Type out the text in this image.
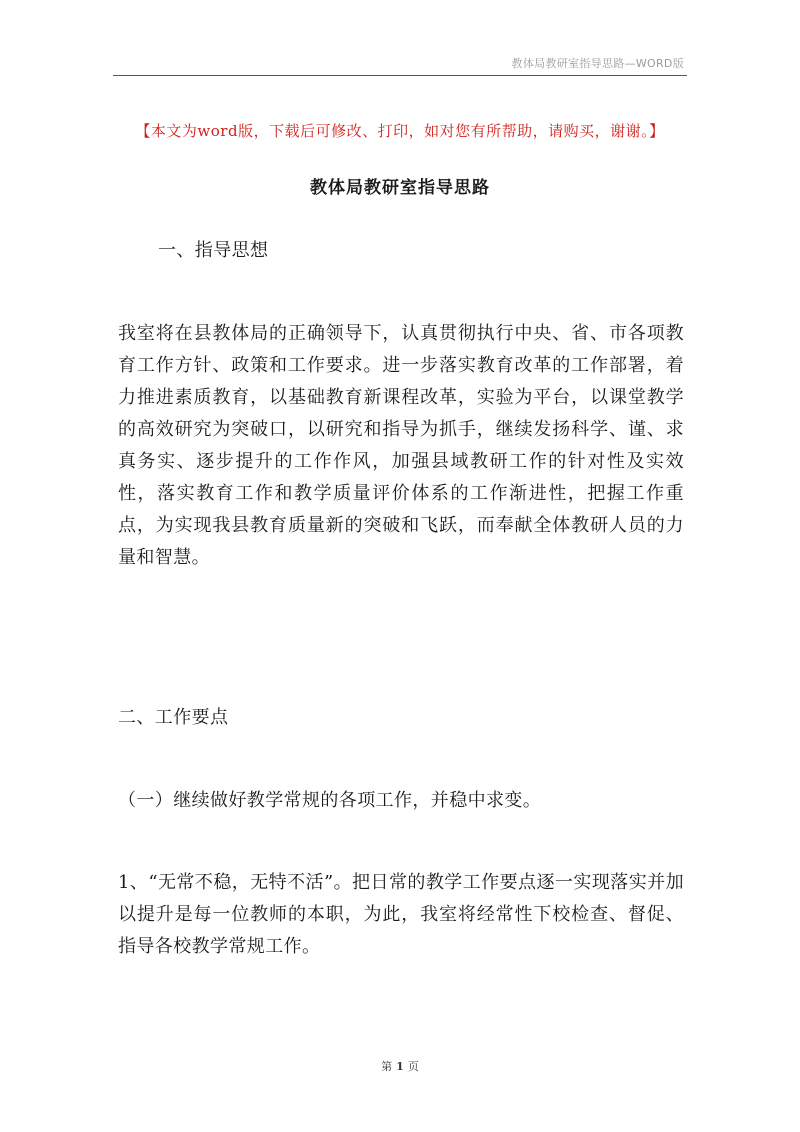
教体局教研室指导思路—WORD版
【本文为word版，下载后可修改、打印，如对您有所帮助，请购买，谢谢。】
教体局教研室指导思路
一、指导思想
我室将在县教体局的正确领导下，认真贯彻执行中央、省、市各项教育工作方针、政策和工作要求。进一步落实教育改革的工作部署，着力推进素质教育，以基础教育新课程改革，实验为平台，以课堂教学的高效研究为突破口，以研究和指导为抓手，继续发扬科学、谨、求真务实、逐步提升的工作作风，加强县域教研工作的针对性及实效性，落实教育工作和教学质量评价体系的工作渐进性，把握工作重点，为实现我县教育质量新的突破和飞跃，而奉献全体教研人员的力量和智慧。
二、工作要点
（一）继续做好教学常规的各项工作，并稳中求变。
1、“无常不稳，无特不活”。把日常的教学工作要点逐一实现落实并加以提升是每一位教师的本职，为此，我室将经常性下校检查、督促、指导各校教学常规工作。
第 1 页
